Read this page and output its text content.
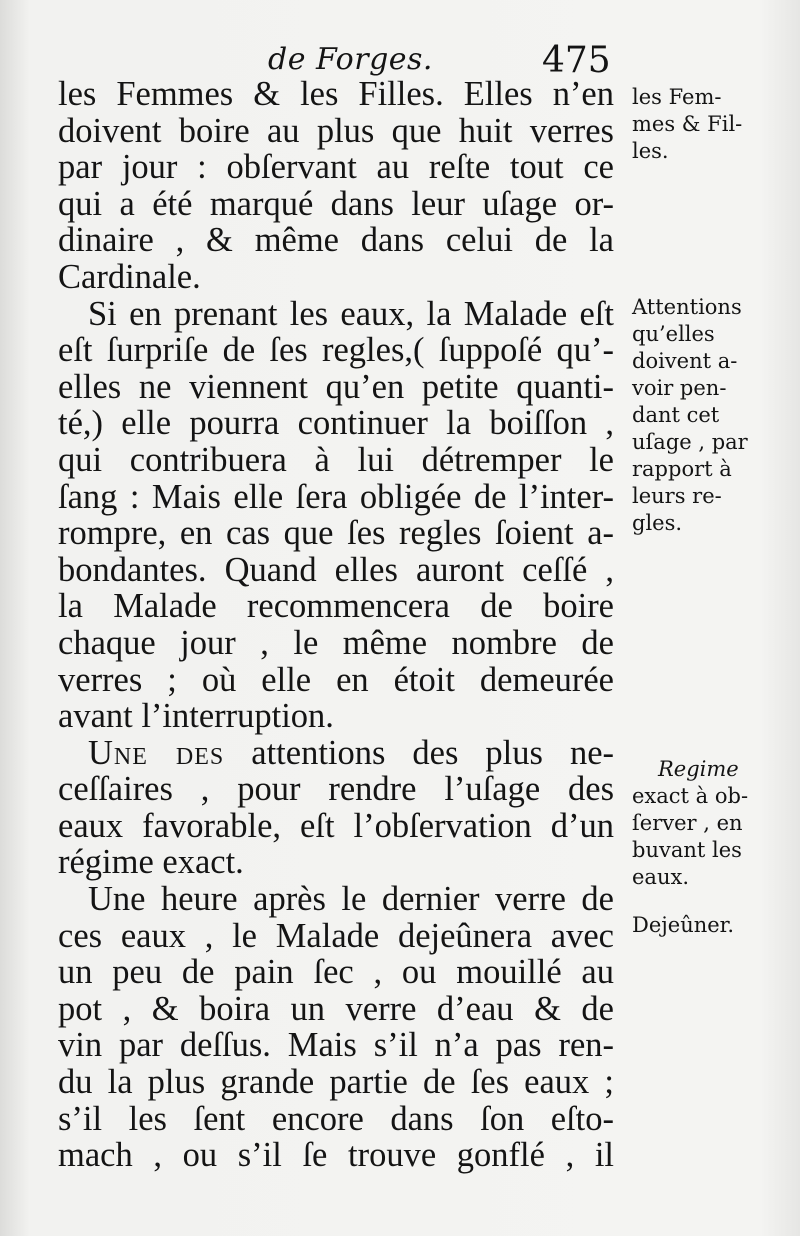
de Forges.	475
les Femmes & les Filles. Elles n’en
doivent boire au plus que huit verres
par jour : obſervant au reſte tout ce
qui a été marqué dans leur uſage or-
dinaire , & même dans celui de la
Cardinale.
Si en prenant les eaux, la Malade eſt
eſt ſurpriſe de ſes regles,( ſuppoſé qu’-
elles ne viennent qu’en petite quanti-
té,) elle pourra continuer la boiſſon ,
qui contribuera à lui détremper le
ſang : Mais elle ſera obligée de l’inter-
rompre, en cas que ſes regles ſoient a-
bondantes. Quand elles auront ceſſé ,
la Malade recommencera de boire
chaque jour , le même nombre de
verres ; où elle en étoit demeurée
avant l’interruption.
Une des attentions des plus ne-
ceſſaires , pour rendre l’uſage des
eaux favorable, eſt l’obſervation d’un
régime exact.
Une heure après le dernier verre de
ces eaux , le Malade dejeûnera avec
un peu de pain ſec , ou mouillé au
pot , & boira un verre d’eau & de
vin par deſſus. Mais s’il n’a pas ren-
du la plus grande partie de ſes eaux ;
s’il les ſent encore dans ſon eſto-
mach , ou s’il ſe trouve gonflé , il
les Fem-
mes & Fil-
les.
Attentions
qu’elles
doivent a-
voir pen-
dant cet
uſage , par
rapport à
leurs re-
gles.
Regime
exact à ob-
ſerver , en
buvant les
eaux.
Dejeûner.
